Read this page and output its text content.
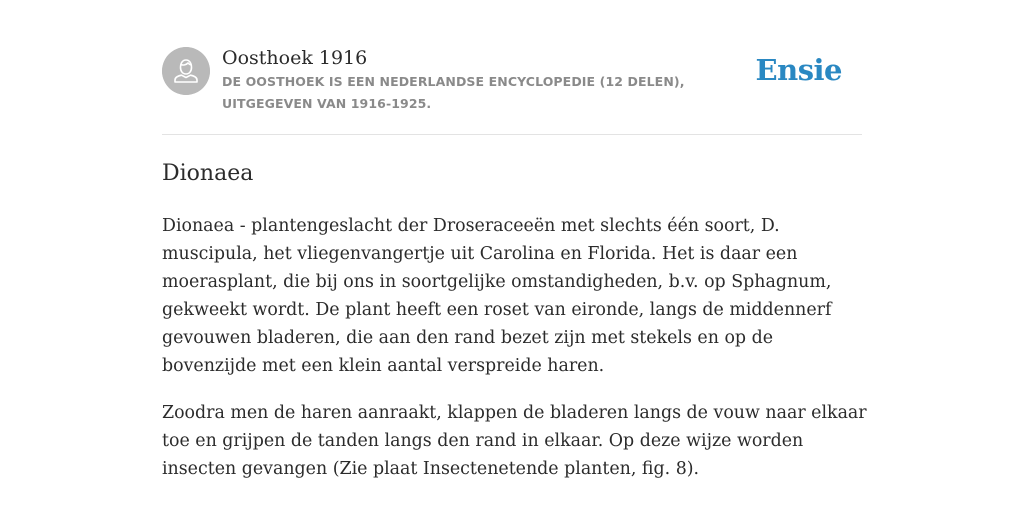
Oosthoek 1916

DE OOSTHOEK IS EEN NEDERLANDSE ENCYCLOPEDIE (12 DELEN), UITGEGEVEN VAN 1916-1925.

Ensie
Dionaea

Dionaea - plantengeslacht der Droseraceeën met slechts één soort, D. muscipula, het vliegenvangertje uit Carolina en Florida. Het is daar een moerasplant, die bij ons in soortgelijke omstandigheden, b.v. op Sphagnum, gekweekt wordt. De plant heeft een roset van eironde, langs de middennerf gevouwen bladeren, die aan den rand bezet zijn met stekels en op de bovenzijde met een klein aantal verspreide haren.

Zoodra men de haren aanraakt, klappen de bladeren langs de vouw naar elkaar toe en grijpen de tanden langs den rand in elkaar. Op deze wijze worden insecten gevangen (Zie plaat Insectenetende planten, fig. 8).
